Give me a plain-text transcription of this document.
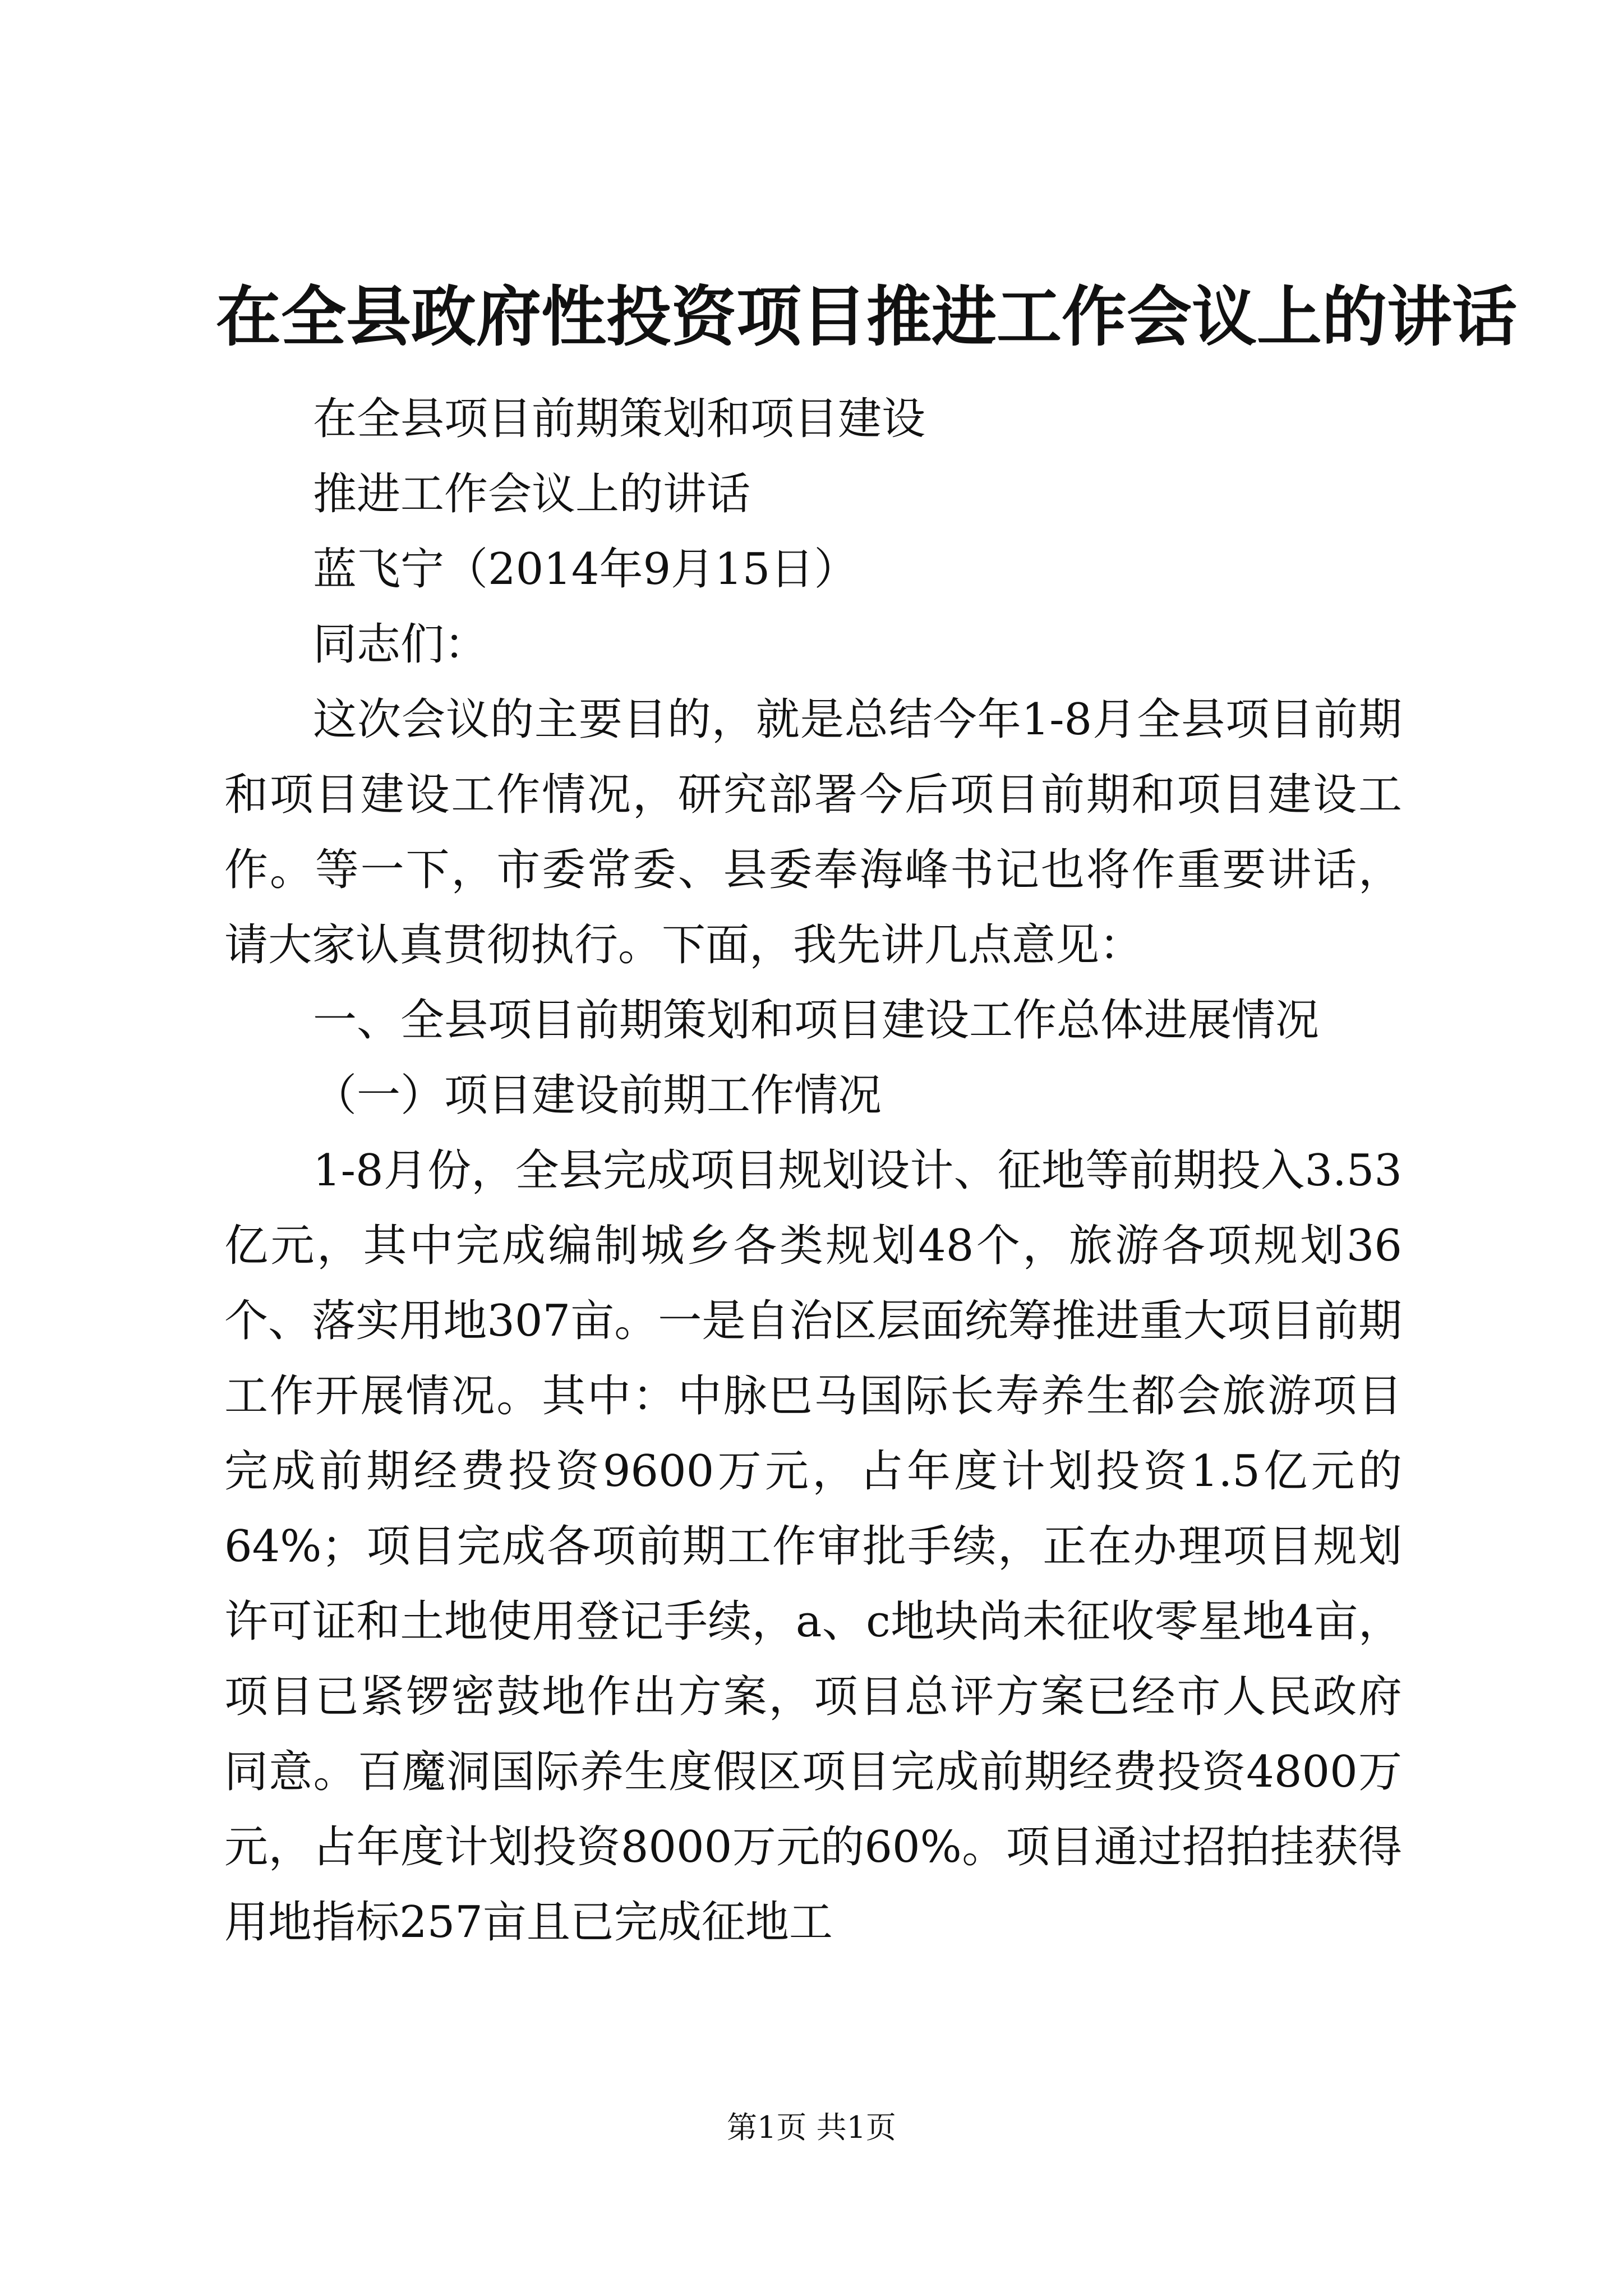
在全县政府性投资项目推进工作会议上的讲话

在全县项目前期策划和项目建设

推进工作会议上的讲话

蓝飞宁（2014年9月15日）

同志们：

这次会议的主要目的，就是总结今年1-8月全县项目前期和项目建设工作情况，研究部署今后项目前期和项目建设工作。等一下，市委常委、县委奉海峰书记也将作重要讲话，请大家认真贯彻执行。下面，我先讲几点意见：

一、全县项目前期策划和项目建设工作总体进展情况

（一）项目建设前期工作情况

1-8月份，全县完成项目规划设计、征地等前期投入3.53亿元，其中完成编制城乡各类规划48个，旅游各项规划36个、落实用地307亩。一是自治区层面统筹推进重大项目前期工作开展情况。其中：中脉巴马国际长寿养生都会旅游项目完成前期经费投资9600万元，占年度计划投资1.5亿元的64%；项目完成各项前期工作审批手续，正在办理项目规划许可证和土地使用登记手续，a、c地块尚未征收零星地4亩，项目已紧锣密鼓地作出方案，项目总评方案已经市人民政府同意。百魔洞国际养生度假区项目完成前期经费投资4800万元，占年度计划投资8000万元的60%。项目通过招拍挂获得用地指标257亩且已完成征地工

第1页 共1页
